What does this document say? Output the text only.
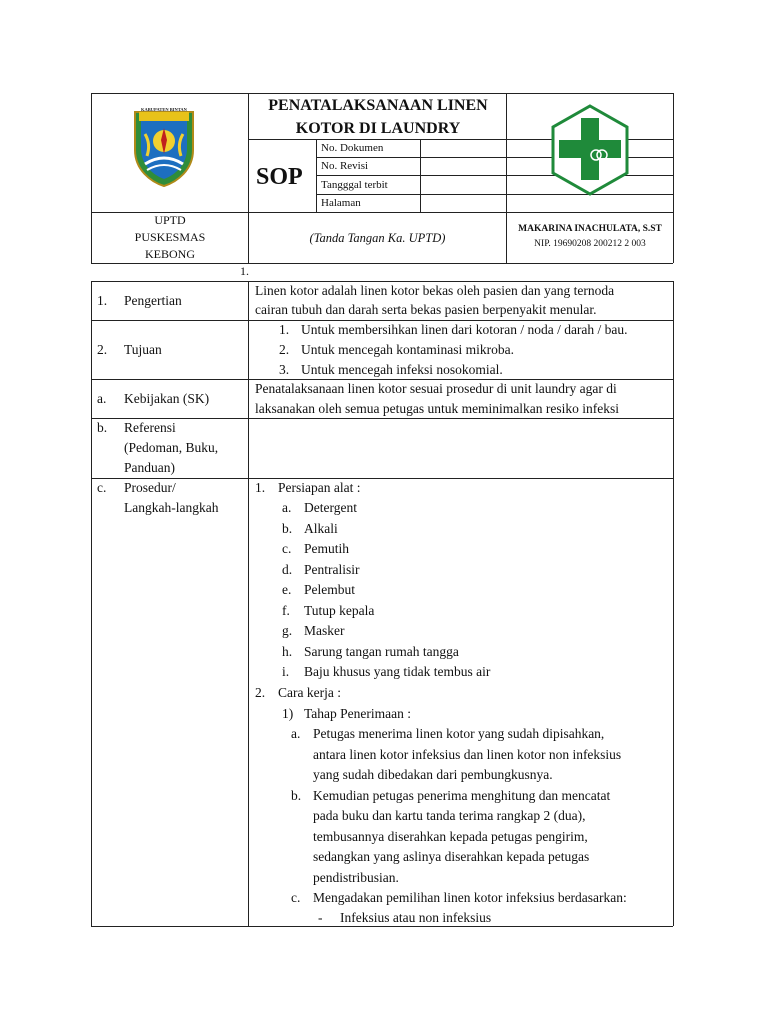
KABUPATEN BINTAN	PENATALAKSANAAN LINEN
KOTOR DI LAUNDRY
SOP
No. Dokumen
No. Revisi
Tangggal terbit
Halaman
UPTD
PUSKESMAS
KEBONG
(Tanda Tangan Ka. UPTD)
MAKARINA INACHULATA, S.ST
NIP. 19690208 200212 2 003
1.
1. Pengertian
Linen kotor adalah linen kotor bekas oleh pasien dan yang ternoda
cairan tubuh dan darah serta bekas pasien berpenyakit menular.
2. Tujuan
1. Untuk membersihkan linen dari kotoran / noda / darah / bau.
2. Untuk mencegah kontaminasi mikroba.
3. Untuk mencegah infeksi nosokomial.
a. Kebijakan (SK)
Penatalaksanaan linen kotor sesuai prosedur di unit laundry agar di
laksanakan oleh semua petugas untuk meminimalkan resiko infeksi
b. Referensi
(Pedoman, Buku,
Panduan)
c. Prosedur/
Langkah-langkah
1. Persiapan alat :
a. Detergent
b. Alkali
c. Pemutih
d. Pentralisir
e. Pelembut
f. Tutup kepala
g. Masker
h. Sarung tangan rumah tangga
i. Baju khusus yang tidak tembus air
2. Cara kerja :
1) Tahap Penerimaan :
a. Petugas menerima linen kotor yang sudah dipisahkan,
antara linen kotor infeksius dan linen kotor non infeksius
yang sudah dibedakan dari pembungkusnya.
b. Kemudian petugas penerima menghitung dan mencatat
pada buku dan kartu tanda terima rangkap 2 (dua),
tembusannya diserahkan kepada petugas pengirim,
sedangkan yang aslinya diserahkan kepada petugas
pendistribusian.
c. Mengadakan pemilihan linen kotor infeksius berdasarkan:
- Infeksius atau non infeksius
